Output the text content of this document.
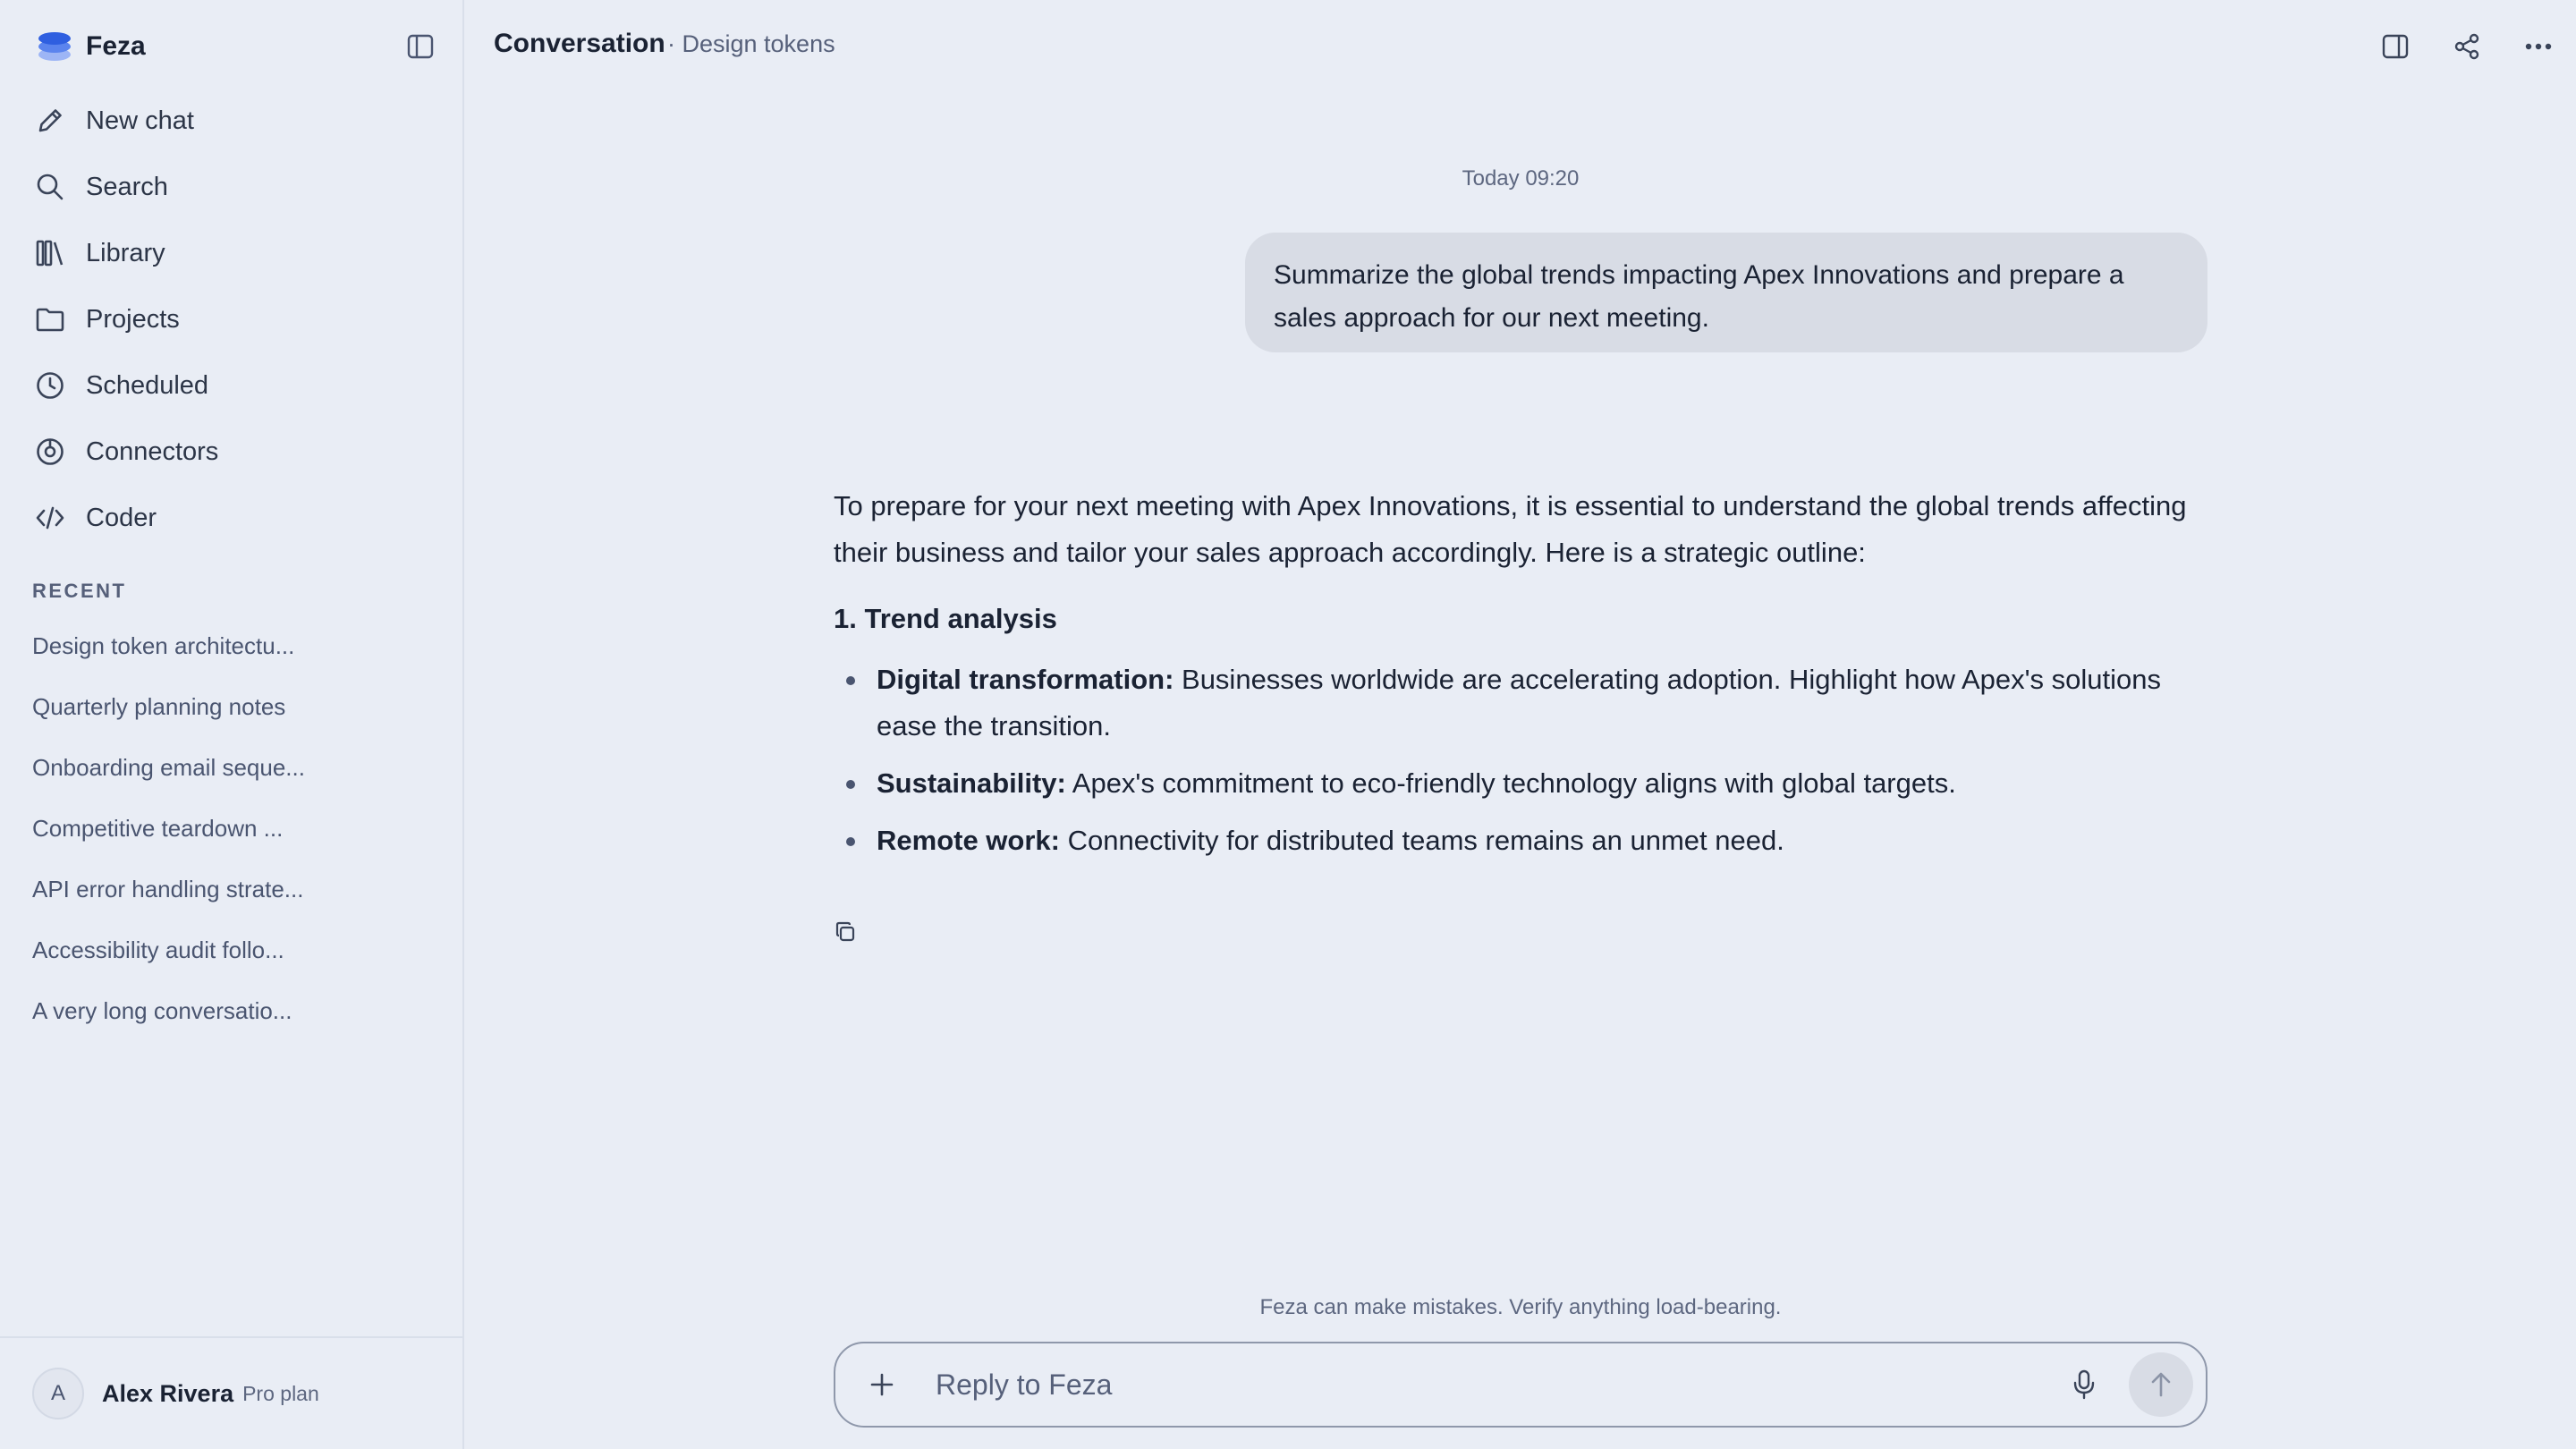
Feza
New chat
Search
Library
Projects
Scheduled
Connectors
Coder
RECENT
Design token architectu...
Quarterly planning notes
Onboarding email seque...
Competitive teardown ...
API error handling strate...
Accessibility audit follo...
A very long conversatio...
A	Alex Rivera Pro plan
Conversation · Design tokens
Today 09:20
Summarize the global trends impacting Apex Innovations and prepare a sales approach for our next meeting.

To prepare for your next meeting with Apex Innovations, it is essential to understand the global trends affecting their business and tailor your sales approach accordingly. Here is a strategic outline:

1. Trend analysis
Digital transformation: Businesses worldwide are accelerating adoption. Highlight how Apex's solutions ease the transition.
Sustainability: Apex's commitment to eco-friendly technology aligns with global targets.
Remote work: Connectivity for distributed teams remains an unmet need.
Feza can make mistakes. Verify anything load-bearing.
Reply to Feza
